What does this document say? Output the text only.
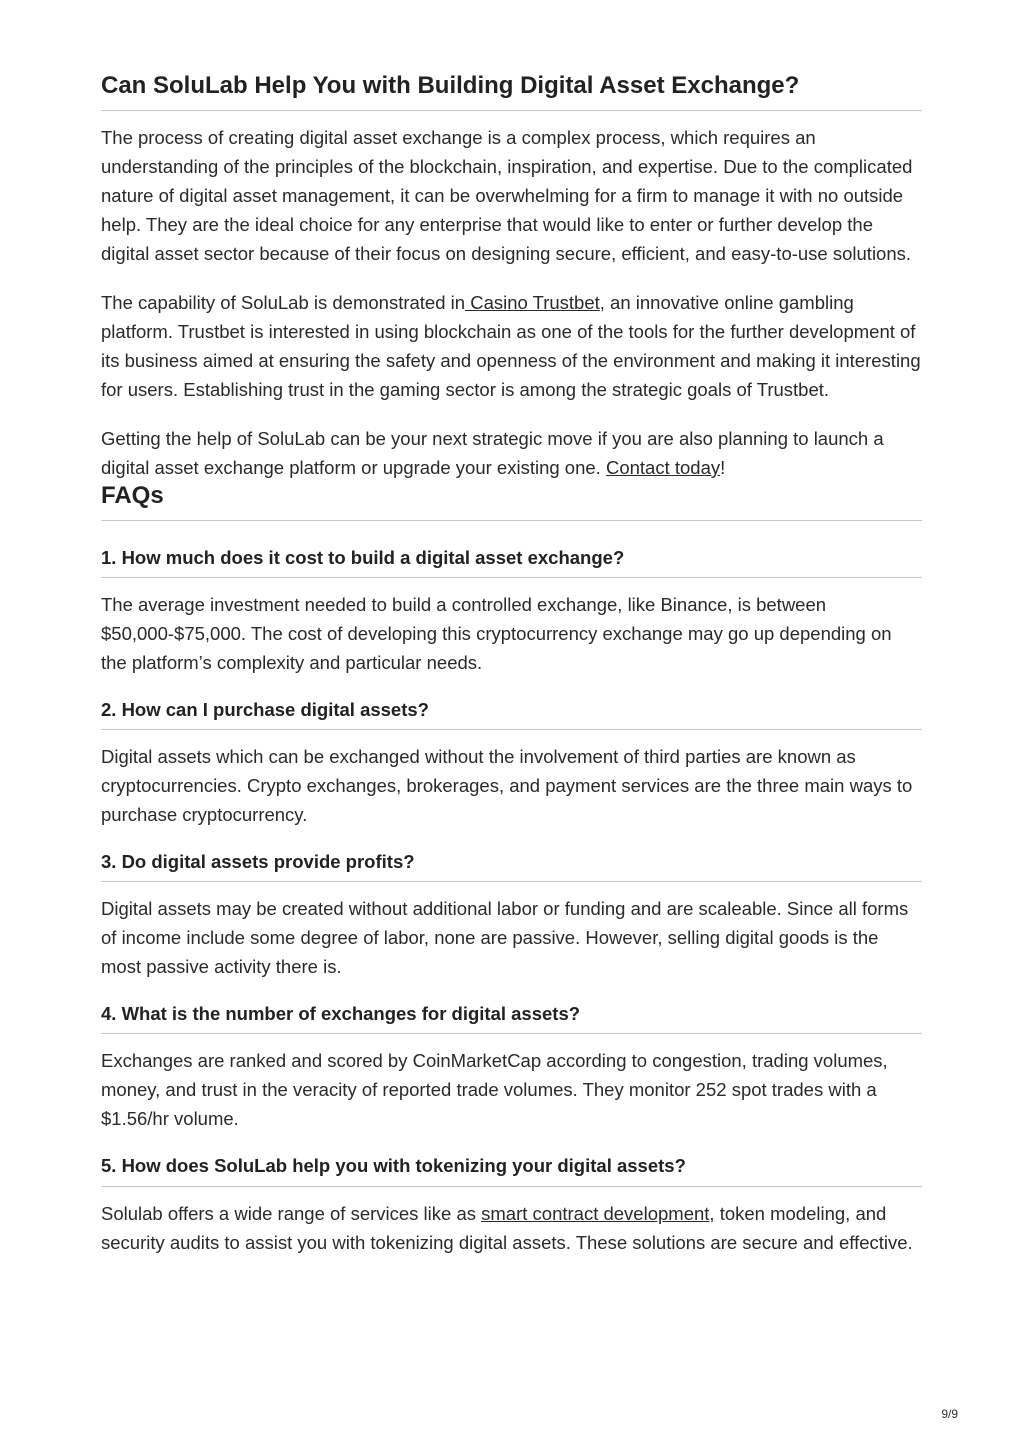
Can SoluLab Help You with Building Digital Asset Exchange?

The process of creating digital asset exchange is a complex process, which requires an understanding of the principles of the blockchain, inspiration, and expertise. Due to the complicated nature of digital asset management, it can be overwhelming for a firm to manage it with no outside help. They are the ideal choice for any enterprise that would like to enter or further develop the digital asset sector because of their focus on designing secure, efficient, and easy-to-use solutions.

The capability of SoluLab is demonstrated in Casino Trustbet, an innovative online gambling platform. Trustbet is interested in using blockchain as one of the tools for the further development of its business aimed at ensuring the safety and openness of the environment and making it interesting for users. Establishing trust in the gaming sector is among the strategic goals of Trustbet.

Getting the help of SoluLab can be your next strategic move if you are also planning to launch a digital asset exchange platform or upgrade your existing one. Contact today!

FAQs
1. How much does it cost to build a digital asset exchange?

The average investment needed to build a controlled exchange, like Binance, is between $50,000-$75,000. The cost of developing this cryptocurrency exchange may go up depending on the platform’s complexity and particular needs.

2. How can I purchase digital assets?

Digital assets which can be exchanged without the involvement of third parties are known as cryptocurrencies. Crypto exchanges, brokerages, and payment services are the three main ways to purchase cryptocurrency.

3. Do digital assets provide profits?

Digital assets may be created without additional labor or funding and are scaleable. Since all forms of income include some degree of labor, none are passive. However, selling digital goods is the most passive activity there is.

4. What is the number of exchanges for digital assets?

Exchanges are ranked and scored by CoinMarketCap according to congestion, trading volumes, money, and trust in the veracity of reported trade volumes. They monitor 252 spot trades with a $1.56/hr volume.

5. How does SoluLab help you with tokenizing your digital assets?

Solulab offers a wide range of services like as smart contract development, token modeling, and security audits to assist you with tokenizing digital assets. These solutions are secure and effective.

9/9
